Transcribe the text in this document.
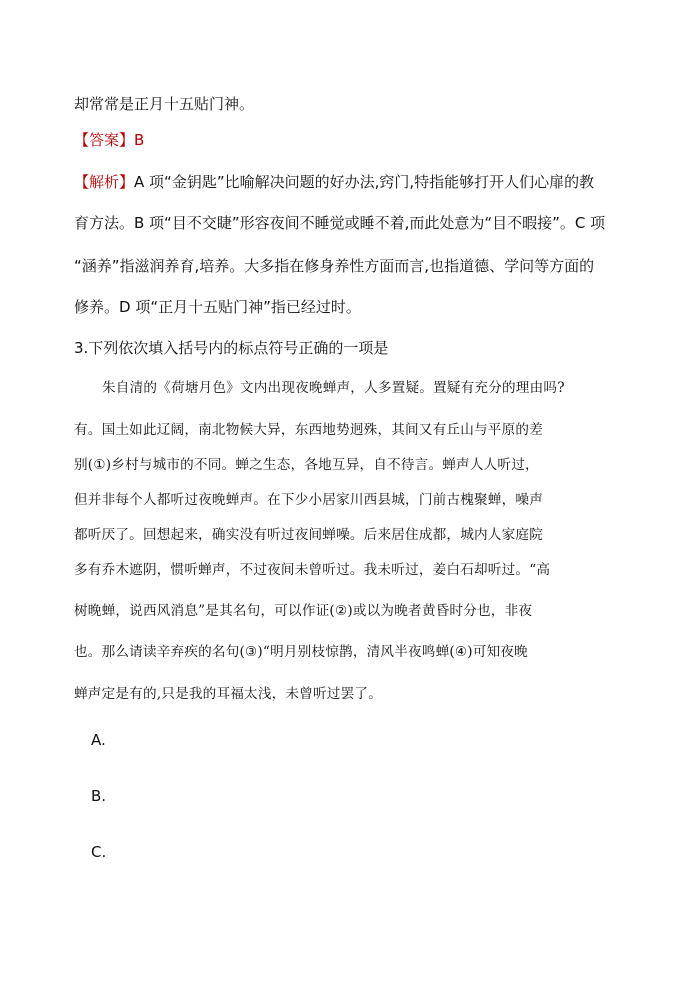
却常常是正月十五贴门神。
【答案】B
【解析】A 项“金钥匙”比喻解决问题的好办法,窍门,特指能够打开人们心扉的教
育方法。B 项“目不交睫”形容夜间不睡觉或睡不着,而此处意为“目不暇接”。C 项
“涵养”指滋润养育,培养。大多指在修身养性方面而言,也指道德、学问等方面的
修养。D 项“正月十五贴门神”指已经过时。
3.下列依次填入括号内的标点符号正确的一项是
朱自清的《荷塘月色》文内出现夜晚蝉声，人多置疑。置疑有充分的理由吗?
有。国土如此辽阔，南北物候大异，东西地势迥殊，其间又有丘山与平原的差
别(①)乡村与城市的不同。蝉之生态，各地互异，自不待言。蝉声人人听过，
但并非每个人都听过夜晚蝉声。在下少小居家川西县城，门前古槐聚蝉，噪声
都听厌了。回想起来，确实没有听过夜间蝉噪。后来居住成都，城内人家庭院
多有乔木遮阴，惯听蝉声，不过夜间未曾听过。我未听过，姜白石却听过。“高
树晚蝉，说西风消息”是其名句，可以作证(②)或以为晚者黄昏时分也，非夜
也。那么请读辛弃疾的名句(③)“明月别枝惊鹊，清风半夜鸣蝉(④)可知夜晚
蝉声定是有的,只是我的耳福太浅，未曾听过罢了。
A.
B.
C.
